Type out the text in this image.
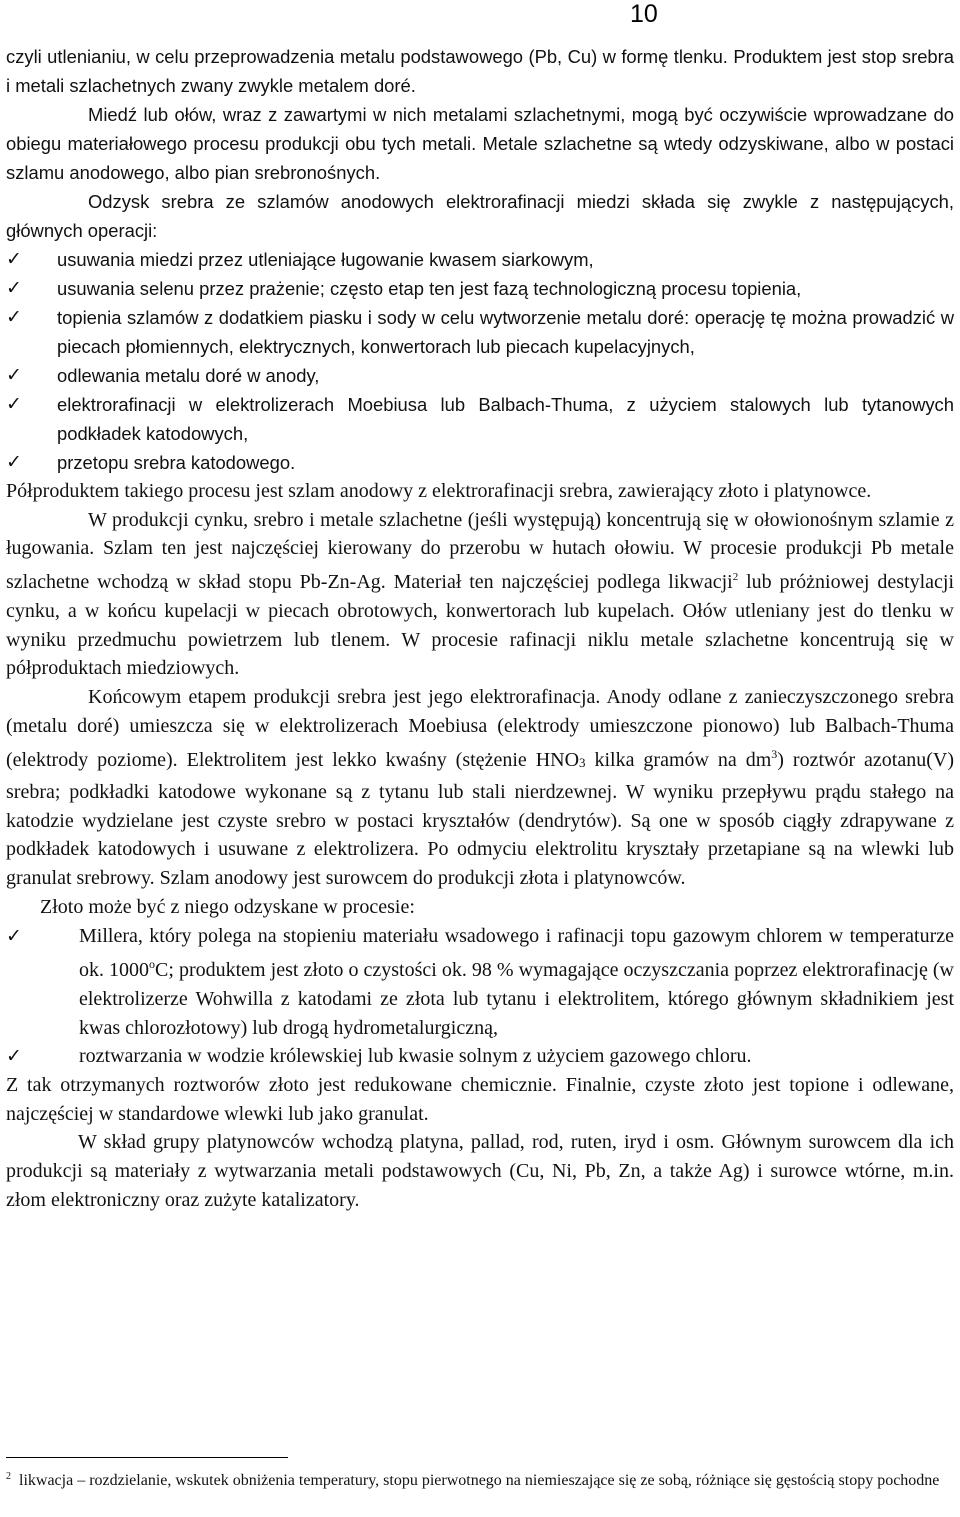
10

czyli utlenianiu, w celu przeprowadzenia metalu podstawowego (Pb, Cu) w formę tlenku. Produktem jest stop srebra i metali szlachetnych zwany zwykle metalem doré.

Miedź lub ołów, wraz z zawartymi w nich metalami szlachetnymi, mogą być oczywiście wprowadzane do obiegu materiałowego procesu produkcji obu tych metali. Metale szlachetne są wtedy odzyskiwane, albo w postaci szlamu anodowego, albo pian srebronośnych.

Odzysk srebra ze szlamów anodowych elektrorafinacji miedzi składa się zwykle z następujących, głównych operacji:

✓	usuwania miedzi przez utleniające ługowanie kwasem siarkowym,
✓	usuwania selenu przez prażenie; często etap ten jest fazą technologiczną procesu topienia,
✓	topienia szlamów z dodatkiem piasku i sody w celu wytworzenie metalu doré: operację tę można prowadzić w piecach płomiennych, elektrycznych, konwertorach lub piecach kupelacyjnych,
✓	odlewania metalu doré w anody,
✓	elektrorafinacji w elektrolizerach Moebiusa lub Balbach-Thuma, z użyciem stalowych lub tytanowych podkładek katodowych,
✓	przetopu srebra katodowego.

Półproduktem takiego procesu jest szlam anodowy z elektrorafinacji srebra, zawierający złoto i platynowce.

W produkcji cynku, srebro i metale szlachetne (jeśli występują) koncentrują się w ołowionośnym szlamie z ługowania. Szlam ten jest najczęściej kierowany do przerobu w hutach ołowiu. W procesie produkcji Pb metale szlachetne wchodzą w skład stopu Pb-Zn-Ag. Materiał ten najczęściej podlega likwacji$^2$ lub próżniowej destylacji cynku, a w końcu kupelacji w piecach obrotowych, konwertorach lub kupelach. Ołów utleniany jest do tlenku w wyniku przedmuchu powietrzem lub tlenem. W procesie rafinacji niklu metale szlachetne koncentrują się w półproduktach miedziowych.

Końcowym etapem produkcji srebra jest jego elektrorafinacja. Anody odlane z zanieczyszczonego srebra (metalu doré) umieszcza się w elektrolizerach Moebiusa (elektrody umieszczone pionowo) lub Balbach-Thuma (elektrody poziome). Elektrolitem jest lekko kwaśny (stężenie $HNO_3$ kilka gramów na $dm^3$) roztwór azotanu(V) srebra; podkładki katodowe wykonane są z tytanu lub stali nierdzewnej. W wyniku przepływu prądu stałego na katodzie wydzielane jest czyste srebro w postaci kryształów (dendrytów). Są one w sposób ciągły zdrapywane z podkładek katodowych i usuwane z elektrolizera. Po odmyciu elektrolitu kryształy przetapiane są na wlewki lub granulat srebrowy. Szlam anodowy jest surowcem do produkcji złota i platynowców.

Złoto może być z niego odzyskane w procesie:

✓	Millera, który polega na stopieniu materiału wsadowego i rafinacji topu gazowym chlorem w temperaturze ok. 1000$^o$C; produktem jest złoto o czystości ok. 98 % wymagające oczyszczania poprzez elektrorafinację (w elektrolizerze Wohwilla z katodami ze złota lub tytanu i elektrolitem, którego głównym składnikiem jest kwas chlorozłotowy) lub drogą hydrometalurgiczną,
✓	roztwarzania w wodzie królewskiej lub kwasie solnym z użyciem gazowego chloru.

Z tak otrzymanych roztworów złoto jest redukowane chemicznie. Finalnie, czyste złoto jest topione i odlewane, najczęściej w standardowe wlewki lub jako granulat.

W skład grupy platynowców wchodzą platyna, pallad, rod, ruten, iryd i osm. Głównym surowcem dla ich produkcji są materiały z wytwarzania metali podstawowych (Cu, Ni, Pb, Zn, a także Ag) i surowce wtórne, m.in. złom elektroniczny oraz zużyte katalizatory.

$^2$ likwacja – rozdzielanie, wskutek obniżenia temperatury, stopu pierwotnego na niemieszające się ze sobą, różniące się gęstością stopy pochodne
